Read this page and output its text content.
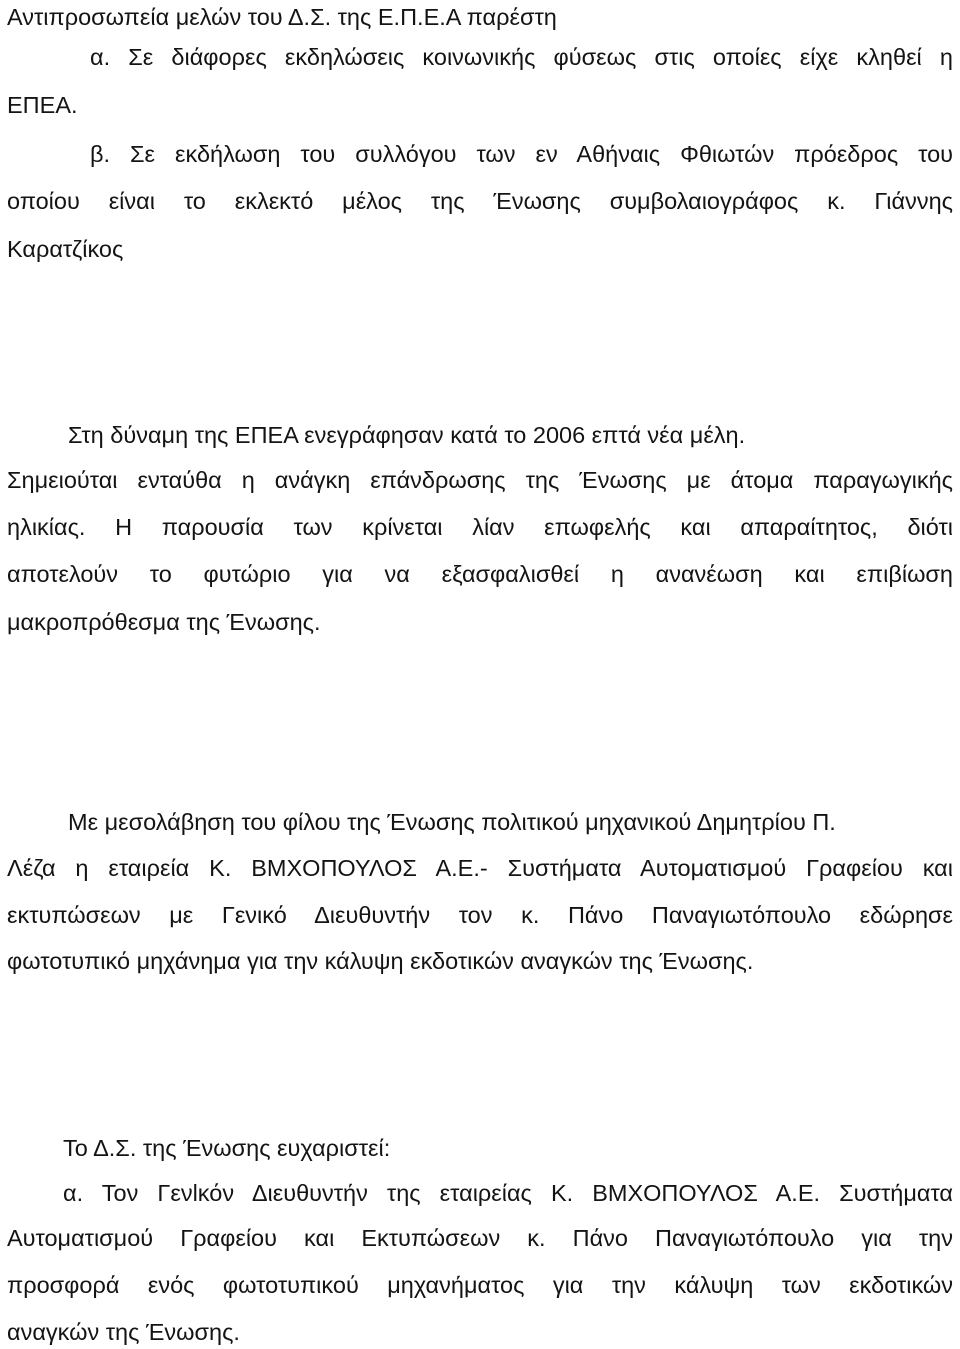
Αντιπροσωπεία μελών του Δ.Σ. της Ε.Π.Ε.Α παρέστη
α. Σε διάφορες εκδηλώσεις κοινωνικής φύσεως στις οποίες είχε κληθεί η
ΕΠΕΑ.
β. Σε εκδήλωση του συλλόγου των εν Αθήναις Φθιωτών πρόεδρος του
οποίου είναι το εκλεκτό μέλος της Ένωσης συμβολαιογράφος κ. Γιάννης
Καρατζίκος
Στη δύναμη της ΕΠΕΑ ενεγράφησαν κατά το 2006 επτά νέα μέλη.
Σημειούται ενταύθα η ανάγκη επάνδρωσης της Ένωσης με άτομα παραγωγικής
ηλικίας. Η παρουσία των κρίνεται λίαν επωφελής και απαραίτητος, διότι
αποτελούν το φυτώριο για να εξασφαλισθεί η ανανέωση και επιβίωση
μακροπρόθεσμα της Ένωσης.
Με μεσολάβηση του φίλου της Ένωσης πολιτικού μηχανικού Δημητρίου Π.
Λέζα η εταιρεία Κ. ΒΜΧΟΠΟΥΛΟΣ Α.Ε.- Συστήματα Αυτοματισμού Γραφείου και
εκτυπώσεων με Γενικό Διευθυντήν τον κ. Πάνο Παναγιωτόπουλο εδώρησε
φωτοτυπικό μηχάνημα για την κάλυψη εκδοτικών αναγκών της Ένωσης.
Το Δ.Σ. της Ένωσης ευχαριστεί:
α. Τον Γενlκόν Διευθυντήν της εταιρείας Κ. ΒΜΧΟΠΟΥΛΟΣ Α.Ε. Συστήματα
Αυτοματισμού Γραφείου και Εκτυπώσεων κ. Πάνο Παναγιωτόπουλο για την
προσφορά ενός φωτοτυπικού μηχανήματος για την κάλυψη των εκδοτικών
αναγκών της Ένωσης.
